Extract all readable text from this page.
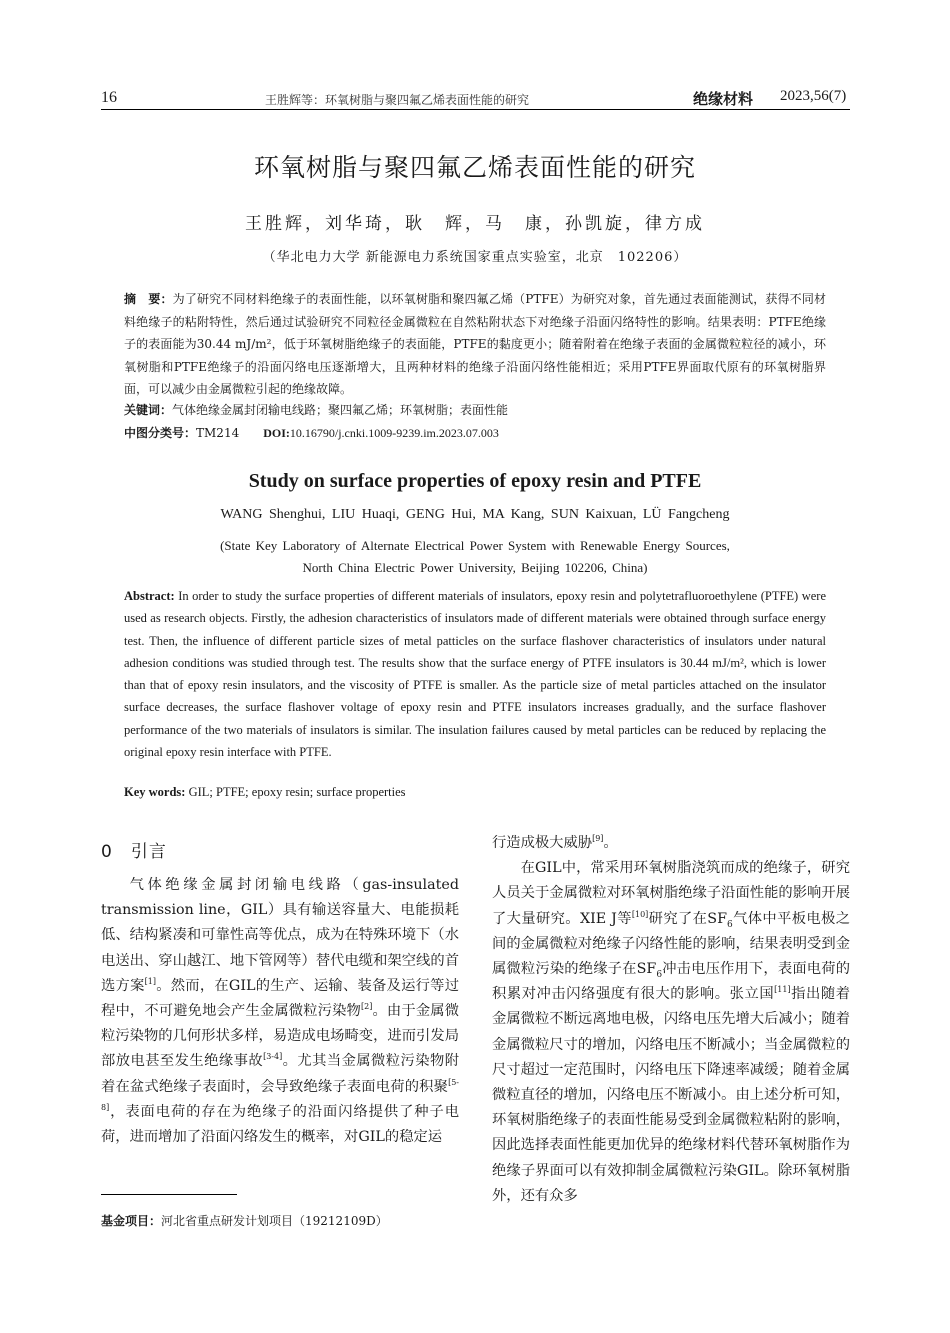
16	王胜辉等：环氧树脂与聚四氟乙烯表面性能的研究	绝缘材料 2023,56(7)
环氧树脂与聚四氟乙烯表面性能的研究
王胜辉，刘华琦，耿　辉，马　康，孙凯旋，律方成
（华北电力大学 新能源电力系统国家重点实验室，北京　102206）
摘　要：为了研究不同材料绝缘子的表面性能，以环氧树脂和聚四氟乙烯（PTFE）为研究对象，首先通过表面能测试，获得不同材料绝缘子的粘附特性，然后通过试验研究不同粒径金属微粒在自然粘附状态下对绝缘子沿面闪络特性的影响。结果表明：PTFE绝缘子的表面能为30.44 mJ/m²，低于环氧树脂绝缘子的表面能，PTFE的黏度更小；随着附着在绝缘子表面的金属微粒粒径的减小，环氧树脂和PTFE绝缘子的沿面闪络电压逐渐增大，且两种材料的绝缘子沿面闪络性能相近；采用PTFE界面取代原有的环氧树脂界面，可以减少由金属微粒引起的绝缘故障。
关键词：气体绝缘金属封闭输电线路；聚四氟乙烯；环氧树脂；表面性能
中图分类号：TM214 DOI:10.16790/j.cnki.1009-9239.im.2023.07.003
Study on surface properties of epoxy resin and PTFE
WANG Shenghui, LIU Huaqi, GENG Hui, MA Kang, SUN Kaixuan, LÜ Fangcheng
(State Key Laboratory of Alternate Electrical Power System with Renewable Energy Sources,
North China Electric Power University, Beijing 102206, China)
Abstract: In order to study the surface properties of different materials of insulators, epoxy resin and polytetrafluoroethylene (PTFE) were used as research objects. Firstly, the adhesion characteristics of insulators made of different materials were obtained through surface energy test. Then, the influence of different particle sizes of metal patticles on the surface flashover characteristics of insulators under natural adhesion conditions was studied through test. The results show that the surface energy of PTFE insulators is 30.44 mJ/m², which is lower than that of epoxy resin insulators, and the viscosity of PTFE is smaller. As the particle size of metal particles attached on the insulator surface decreases, the surface flashover voltage of epoxy resin and PTFE insulators increases gradually, and the surface flashover performance of the two materials of insulators is similar. The insulation failures caused by metal particles can be reduced by replacing the original epoxy resin interface with PTFE.
Key words: GIL; PTFE; epoxy resin; surface properties
0　引言

气体绝缘金属封闭输电线路（gas-insulated transmission line，GIL）具有输送容量大、电能损耗低、结构紧凑和可靠性高等优点，成为在特殊环境下（水电送出、穿山越江、地下管网等）替代电缆和架空线的首选方案[1]。然而，在GIL的生产、运输、装备及运行等过程中，不可避免地会产生金属微粒污染物[2]。由于金属微粒污染物的几何形状多样，易造成电场畸变，进而引发局部放电甚至发生绝缘事故[3-4]。尤其当金属微粒污染物附着在盆式绝缘子表面时，会导致绝缘子表面电荷的积聚[5-8]，表面电荷的存在为绝缘子的沿面闪络提供了种子电荷，进而增加了沿面闪络发生的概率，对GIL的稳定运

行造成极大威胁[9]。

在GIL中，常采用环氧树脂浇筑而成的绝缘子，研究人员关于金属微粒对环氧树脂绝缘子沿面性能的影响开展了大量研究。XIE J等[10]研究了在$SF_6$气体中平板电极之间的金属微粒对绝缘子闪络性能的影响，结果表明受到金属微粒污染的绝缘子在$SF_6$冲击电压作用下，表面电荷的积累对冲击闪络强度有很大的影响。张立国[11]指出随着金属微粒不断远离地电极，闪络电压先增大后减小；随着金属微粒尺寸的增加，闪络电压不断减小；当金属微粒的尺寸超过一定范围时，闪络电压下降速率减缓；随着金属微粒直径的增加，闪络电压不断减小。由上述分析可知，环氧树脂绝缘子的表面性能易受到金属微粒粘附的影响，因此选择表面性能更加优异的绝缘材料代替环氧树脂作为绝缘子界面可以有效抑制金属微粒污染GIL。除环氧树脂外，还有众多

基金项目：河北省重点研发计划项目（19212109D）
